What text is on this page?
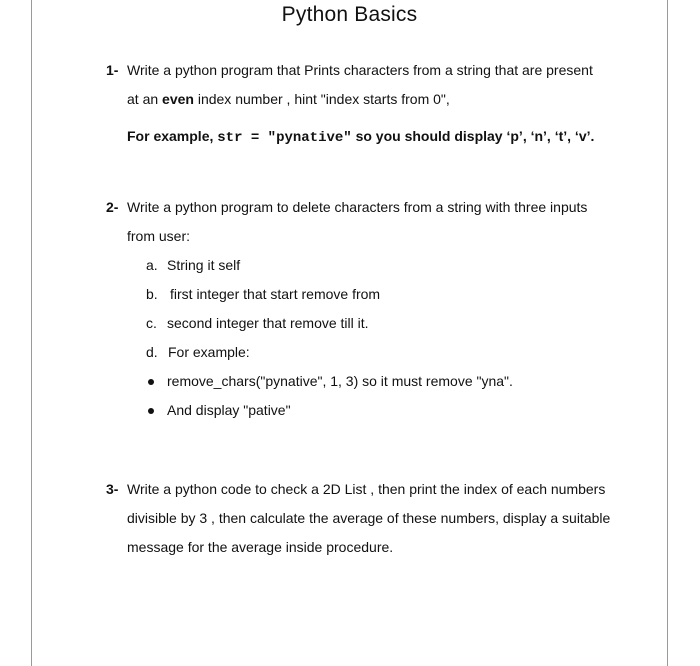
Python Basics
1- Write a python program that Prints characters from a string that are present
at an even index number , hint "index starts from 0",
For example, str = "pynative" so you should display ‘p’, ‘n’, ‘t’, ‘v’.
2- Write a python program to delete characters from a string with three inputs
from user:
a. String it self
b. first integer that start remove from
c. second integer that remove till it.
d. For example:
remove_chars("pynative", 1, 3) so it must remove "yna".
And display "pative"
3- Write a python code to check a 2D List , then print the index of each numbers
divisible by 3 , then calculate the average of these numbers, display a suitable
message for the average inside procedure.
